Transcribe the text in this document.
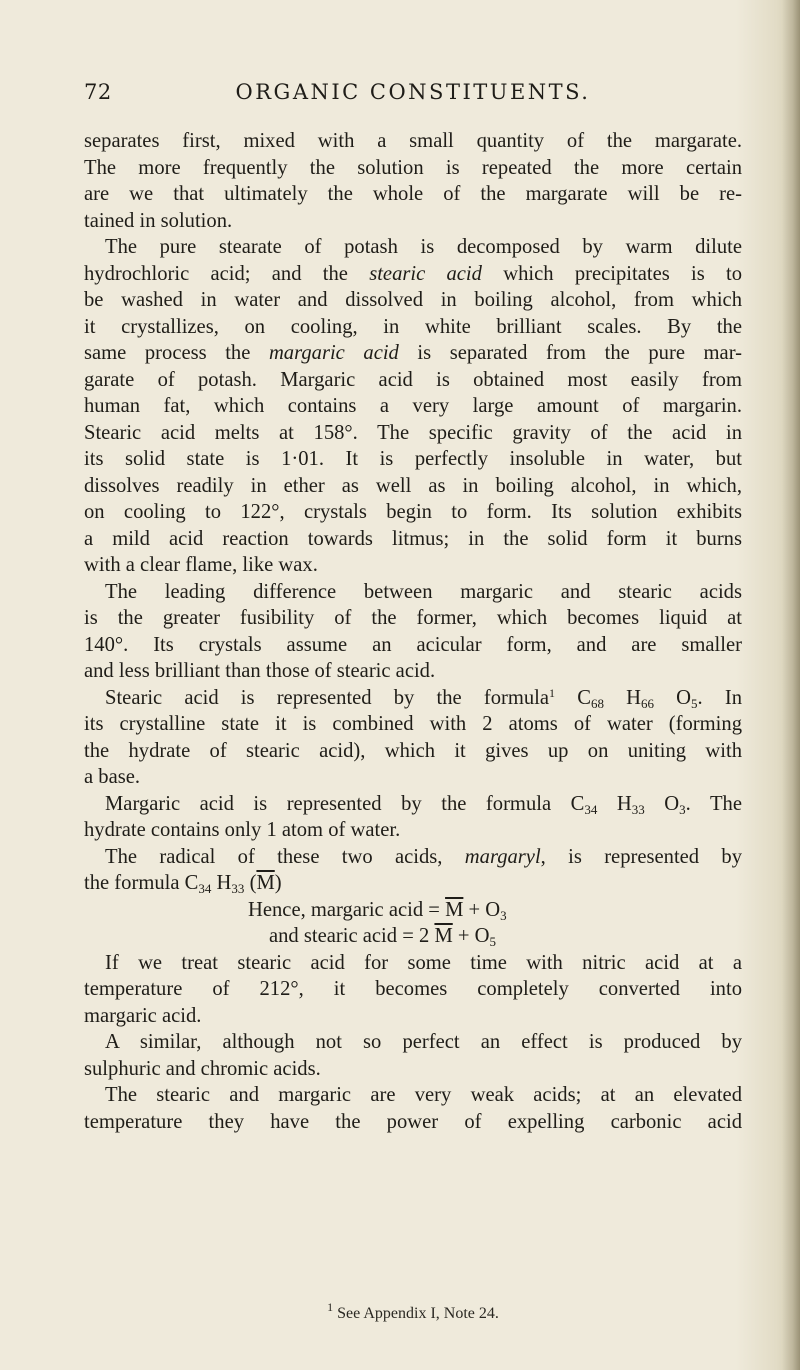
72	ORGANIC CONSTITUENTS.
separates first, mixed with a small quantity of the margarate.
The more frequently the solution is repeated the more certain
are we that ultimately the whole of the margarate will be re-
tained in solution.
The pure stearate of potash is decomposed by warm dilute
hydrochloric acid; and the stearic acid which precipitates is to
be washed in water and dissolved in boiling alcohol, from which
it crystallizes, on cooling, in white brilliant scales. By the
same process the margaric acid is separated from the pure mar-
garate of potash. Margaric acid is obtained most easily from
human fat, which contains a very large amount of margarin.
Stearic acid melts at 158°. The specific gravity of the acid in
its solid state is 1·01. It is perfectly insoluble in water, but
dissolves readily in ether as well as in boiling alcohol, in which,
on cooling to 122°, crystals begin to form. Its solution exhibits
a mild acid reaction towards litmus; in the solid form it burns
with a clear flame, like wax.
The leading difference between margaric and stearic acids
is the greater fusibility of the former, which becomes liquid at
140°. Its crystals assume an acicular form, and are smaller
and less brilliant than those of stearic acid.
Stearic acid is represented by the formula$^1$ $C_{68}$ $H_{66}$ $O_5$. In
its crystalline state it is combined with 2 atoms of water (forming
the hydrate of stearic acid), which it gives up on uniting with
a base.
Margaric acid is represented by the formula $C_{34}$ $H_{33}$ $O_3$. The
hydrate contains only 1 atom of water.
The radical of these two acids, margaryl, is represented by
the formula $C_{34}$ $H_{33}$ $(\overline{M})$
Hence, margaric acid = $\overline{M} + O_3$
and stearic acid = 2 $\overline{M} + O_5$
If we treat stearic acid for some time with nitric acid at a
temperature of 212°, it becomes completely converted into
margaric acid.
A similar, although not so perfect an effect is produced by
sulphuric and chromic acids.
The stearic and margaric are very weak acids; at an elevated
temperature they have the power of expelling carbonic acid
$^1$ See Appendix I, Note 24.
